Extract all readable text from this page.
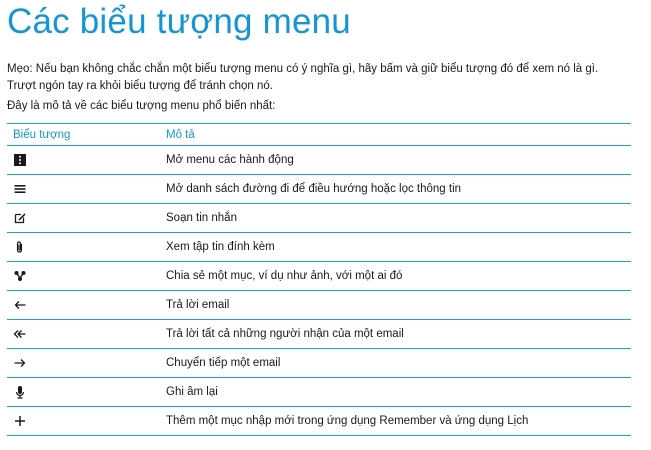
Các biểu tượng menu

Mẹo: Nếu bạn không chắc chắn một biểu tượng menu có ý nghĩa gì, hãy bấm và giữ biểu tượng đó để xem nó là gì. Trượt ngón tay ra khỏi biểu tượng để tránh chọn nó.

Đây là mô tả về các biểu tượng menu phổ biến nhất:

Biểu tượng	Mô tả
	Mở menu các hành động
	Mở danh sách đường đi để điều hướng hoặc lọc thông tin
	Soạn tin nhắn
	Xem tập tin đính kèm
	Chia sẻ một mục, ví dụ như ảnh, với một ai đó
	Trả lời email
	Trả lời tất cả những người nhận của một email
	Chuyển tiếp một email
	Ghi âm lại
	Thêm một mục nhập mới trong ứng dụng Remember và ứng dụng Lịch
